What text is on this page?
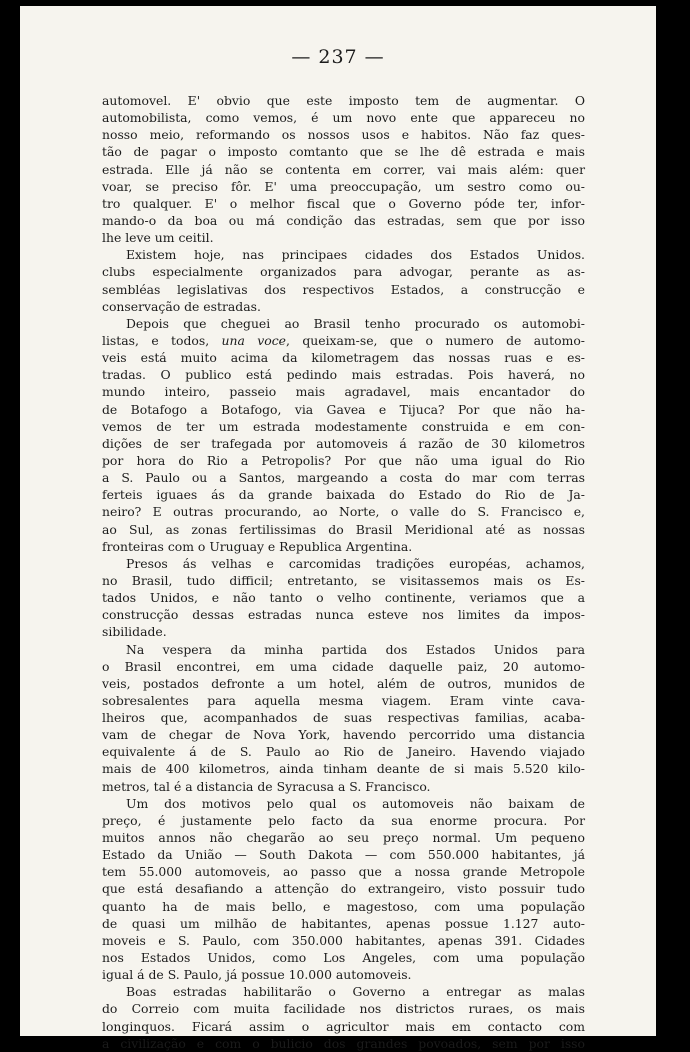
— 237 —
automovel. E' obvio que este imposto tem de augmentar. O
automobilista, como vemos, é um novo ente que appareceu no
nosso meio, reformando os nossos usos e habitos. Não faz ques-
tão de pagar o imposto comtanto que se lhe dê estrada e mais
estrada. Elle já não se contenta em correr, vai mais além: quer
voar, se preciso fôr. E' uma preoccupação, um sestro como ou-
tro qualquer. E' o melhor fiscal que o Governo póde ter, infor-
mando-o da boa ou má condição das estradas, sem que por isso
lhe leve um ceitil.
Existem hoje, nas principaes cidades dos Estados Unidos.
clubs especialmente organizados para advogar, perante as as-
sembléas legislativas dos respectivos Estados, a construcção e
conservação de estradas.
Depois que cheguei ao Brasil tenho procurado os automobi-
listas, e todos, una voce, queixam-se, que o numero de automo-
veis está muito acima da kilometragem das nossas ruas e es-
tradas. O publico está pedindo mais estradas. Pois haverá, no
mundo inteiro, passeio mais agradavel, mais encantador do
de Botafogo a Botafogo, via Gavea e Tijuca? Por que não ha-
vemos de ter um estrada modestamente construida e em con-
dições de ser trafegada por automoveis á razão de 30 kilometros
por hora do Rio a Petropolis? Por que não uma igual do Rio
a S. Paulo ou a Santos, margeando a costa do mar com terras
ferteis iguaes ás da grande baixada do Estado do Rio de Ja-
neiro? E outras procurando, ao Norte, o valle do S. Francisco e,
ao Sul, as zonas fertilissimas do Brasil Meridional até as nossas
fronteiras com o Uruguay e Republica Argentina.
Presos ás velhas e carcomidas tradições européas, achamos,
no Brasil, tudo difficil; entretanto, se visitassemos mais os Es-
tados Unidos, e não tanto o velho continente, veriamos que a
construcção dessas estradas nunca esteve nos limites da impos-
sibilidade.
Na vespera da minha partida dos Estados Unidos para
o Brasil encontrei, em uma cidade daquelle paiz, 20 automo-
veis, postados defronte a um hotel, além de outros, munidos de
sobresalentes para aquella mesma viagem. Eram vinte cava-
lheiros que, acompanhados de suas respectivas familias, acaba-
vam de chegar de Nova York, havendo percorrido uma distancia
equivalente á de S. Paulo ao Rio de Janeiro. Havendo viajado
mais de 400 kilometros, ainda tinham deante de si mais 5.520 kilo-
metros, tal é a distancia de Syracusa a S. Francisco.
Um dos motivos pelo qual os automoveis não baixam de
preço, é justamente pelo facto da sua enorme procura. Por
muitos annos não chegarão ao seu preço normal. Um pequeno
Estado da União — South Dakota — com 550.000 habitantes, já
tem 55.000 automoveis, ao passo que a nossa grande Metropole
que está desafiando a attenção do extrangeiro, visto possuir tudo
quanto ha de mais bello, e magestoso, com uma população
de quasi um milhão de habitantes, apenas possue 1.127 auto-
moveis e S. Paulo, com 350.000 habitantes, apenas 391. Cidades
nos Estados Unidos, como Los Angeles, com uma população
igual á de S. Paulo, já possue 10.000 automoveis.
Boas estradas habilitarão o Governo a entregar as malas
do Correio com muita facilidade nos districtos ruraes, os mais
longinquos. Ficará assim o agricultor mais em contacto com
a civilização e com o bulicio dos grandes povoados, sem por isso
